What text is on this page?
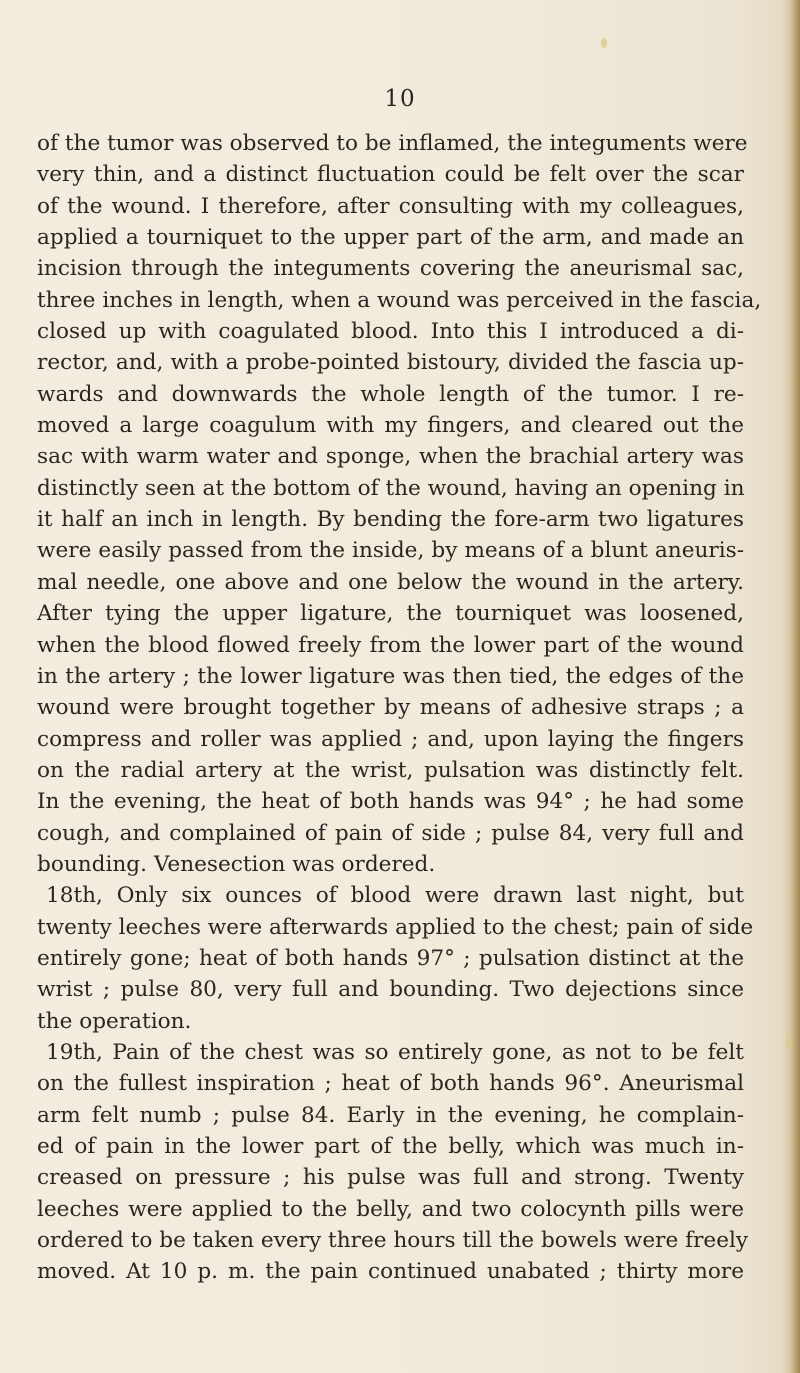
10
of the tumor was observed to be inflamed, the integuments were
very thin, and a distinct fluctuation could be felt over the scar
of the wound. I therefore, after consulting with my colleagues,
applied a tourniquet to the upper part of the arm, and made an
incision through the integuments covering the aneurismal sac,
three inches in length, when a wound was perceived in the fascia,
closed up with coagulated blood. Into this I introduced a di-
rector, and, with a probe-pointed bistoury, divided the fascia up-
wards and downwards the whole length of the tumor. I re-
moved a large coagulum with my fingers, and cleared out the
sac with warm water and sponge, when the brachial artery was
distinctly seen at the bottom of the wound, having an opening in
it half an inch in length. By bending the fore-arm two ligatures
were easily passed from the inside, by means of a blunt aneuris-
mal needle, one above and one below the wound in the artery.
After tying the upper ligature, the tourniquet was loosened,
when the blood flowed freely from the lower part of the wound
in the artery ; the lower ligature was then tied, the edges of the
wound were brought together by means of adhesive straps ; a
compress and roller was applied ; and, upon laying the fingers
on the radial artery at the wrist, pulsation was distinctly felt.
In the evening, the heat of both hands was 94° ; he had some
cough, and complained of pain of side ; pulse 84, very full and
bounding. Venesection was ordered.
18th, Only six ounces of blood were drawn last night, but
twenty leeches were afterwards applied to the chest; pain of side
entirely gone; heat of both hands 97° ; pulsation distinct at the
wrist ; pulse 80, very full and bounding. Two dejections since
the operation.
19th, Pain of the chest was so entirely gone, as not to be felt
on the fullest inspiration ; heat of both hands 96°. Aneurismal
arm felt numb ; pulse 84. Early in the evening, he complain-
ed of pain in the lower part of the belly, which was much in-
creased on pressure ; his pulse was full and strong. Twenty
leeches were applied to the belly, and two colocynth pills were
ordered to be taken every three hours till the bowels were freely
moved. At 10 p. m. the pain continued unabated ; thirty more
